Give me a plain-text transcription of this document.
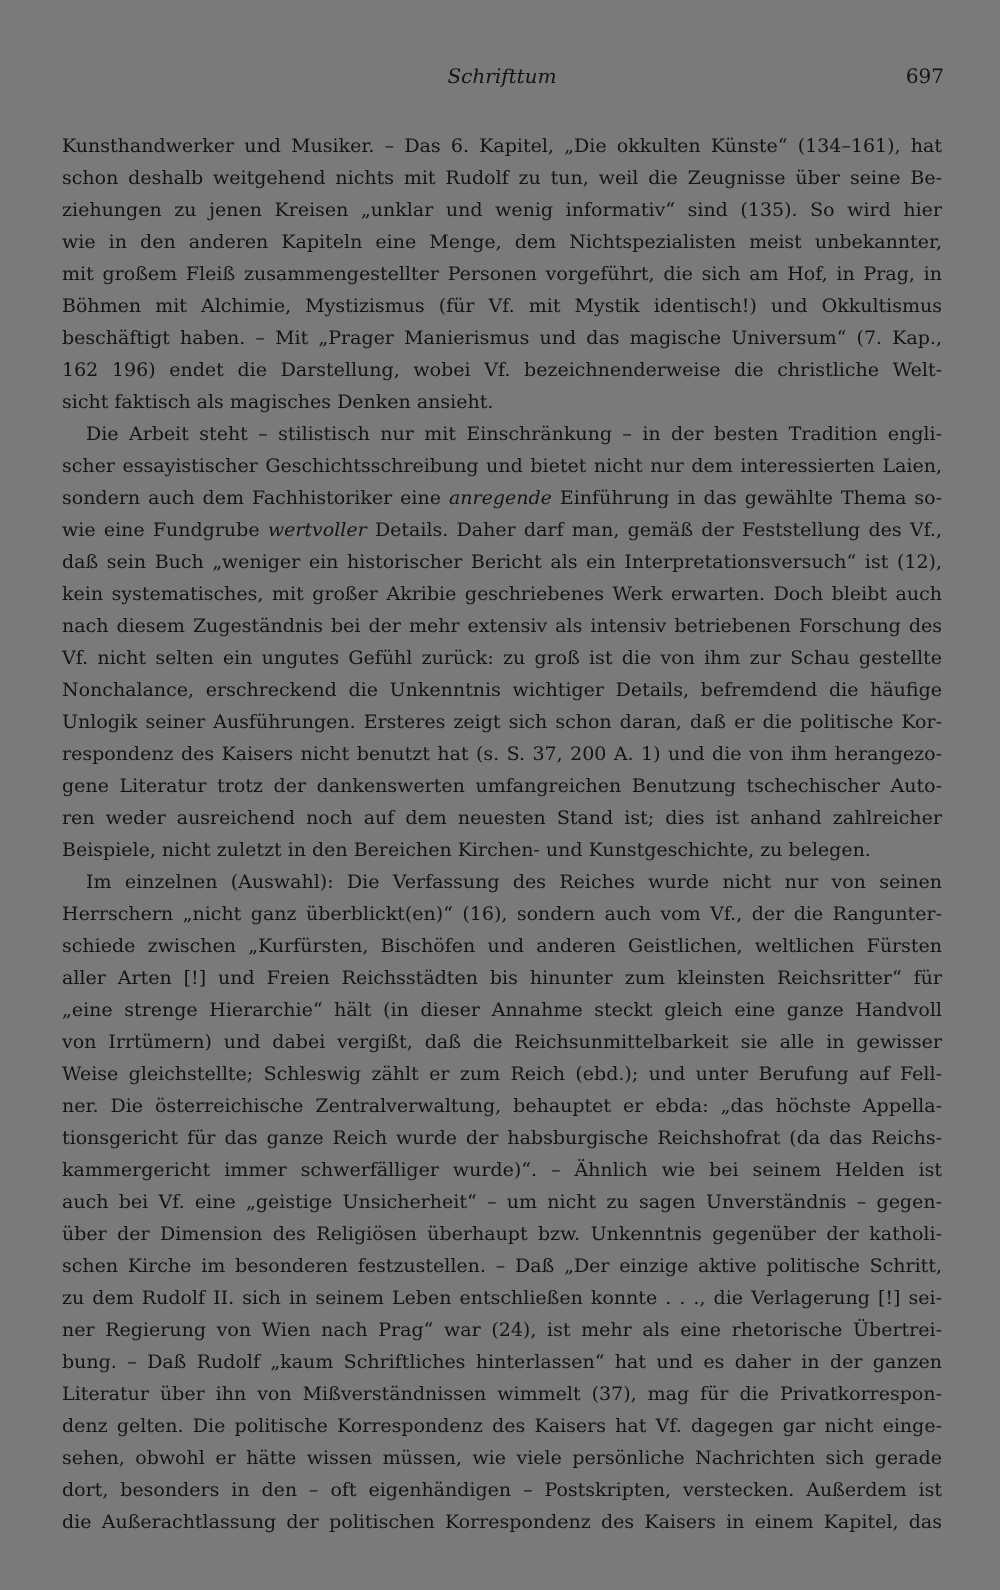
Schrifttum	697
Kunsthandwerker und Musiker. – Das 6. Kapitel, „Die okkulten Künste“ (134–161), hat
schon deshalb weitgehend nichts mit Rudolf zu tun, weil die Zeugnisse über seine Be-
ziehungen zu jenen Kreisen „unklar und wenig informativ“ sind (135). So wird hier
wie in den anderen Kapiteln eine Menge, dem Nichtspezialisten meist unbekannter,
mit großem Fleiß zusammengestellter Personen vorgeführt, die sich am Hof, in Prag, in
Böhmen mit Alchimie, Mystizismus (für Vf. mit Mystik identisch!) und Okkultismus
beschäftigt haben. – Mit „Prager Manierismus und das magische Universum“ (7. Kap.,
162 196) endet die Darstellung, wobei Vf. bezeichnenderweise die christliche Welt-
sicht faktisch als magisches Denken ansieht.
Die Arbeit steht – stilistisch nur mit Einschränkung – in der besten Tradition engli-
scher essayistischer Geschichtsschreibung und bietet nicht nur dem interessierten Laien,
sondern auch dem Fachhistoriker eine anregende Einführung in das gewählte Thema so-
wie eine Fundgrube wertvoller Details. Daher darf man, gemäß der Feststellung des Vf.,
daß sein Buch „weniger ein historischer Bericht als ein Interpretationsversuch“ ist (12),
kein systematisches, mit großer Akribie geschriebenes Werk erwarten. Doch bleibt auch
nach diesem Zugeständnis bei der mehr extensiv als intensiv betriebenen Forschung des
Vf. nicht selten ein ungutes Gefühl zurück: zu groß ist die von ihm zur Schau gestellte
Nonchalance, erschreckend die Unkenntnis wichtiger Details, befremdend die häufige
Unlogik seiner Ausführungen. Ersteres zeigt sich schon daran, daß er die politische Kor-
respondenz des Kaisers nicht benutzt hat (s. S. 37, 200 A. 1) und die von ihm herangezo-
gene Literatur trotz der dankenswerten umfangreichen Benutzung tschechischer Auto-
ren weder ausreichend noch auf dem neuesten Stand ist; dies ist anhand zahlreicher
Beispiele, nicht zuletzt in den Bereichen Kirchen- und Kunstgeschichte, zu belegen.
Im einzelnen (Auswahl): Die Verfassung des Reiches wurde nicht nur von seinen
Herrschern „nicht ganz überblickt(en)“ (16), sondern auch vom Vf., der die Rangunter-
schiede zwischen „Kurfürsten, Bischöfen und anderen Geistlichen, weltlichen Fürsten
aller Arten [!] und Freien Reichsstädten bis hinunter zum kleinsten Reichsritter“ für
„eine strenge Hierarchie“ hält (in dieser Annahme steckt gleich eine ganze Handvoll
von Irrtümern) und dabei vergißt, daß die Reichsunmittelbarkeit sie alle in gewisser
Weise gleichstellte; Schleswig zählt er zum Reich (ebd.); und unter Berufung auf Fell-
ner. Die österreichische Zentralverwaltung, behauptet er ebda: „das höchste Appella-
tionsgericht für das ganze Reich wurde der habsburgische Reichshofrat (da das Reichs-
kammergericht immer schwerfälliger wurde)“. – Ähnlich wie bei seinem Helden ist
auch bei Vf. eine „geistige Unsicherheit“ – um nicht zu sagen Unverständnis – gegen-
über der Dimension des Religiösen überhaupt bzw. Unkenntnis gegenüber der katholi-
schen Kirche im besonderen festzustellen. – Daß „Der einzige aktive politische Schritt,
zu dem Rudolf II. sich in seinem Leben entschließen konnte . . ., die Verlagerung [!] sei-
ner Regierung von Wien nach Prag“ war (24), ist mehr als eine rhetorische Übertrei-
bung. – Daß Rudolf „kaum Schriftliches hinterlassen“ hat und es daher in der ganzen
Literatur über ihn von Mißverständnissen wimmelt (37), mag für die Privatkorrespon-
denz gelten. Die politische Korrespondenz des Kaisers hat Vf. dagegen gar nicht einge-
sehen, obwohl er hätte wissen müssen, wie viele persönliche Nachrichten sich gerade
dort, besonders in den – oft eigenhändigen – Postskripten, verstecken. Außerdem ist
die Außerachtlassung der politischen Korrespondenz des Kaisers in einem Kapitel, das
